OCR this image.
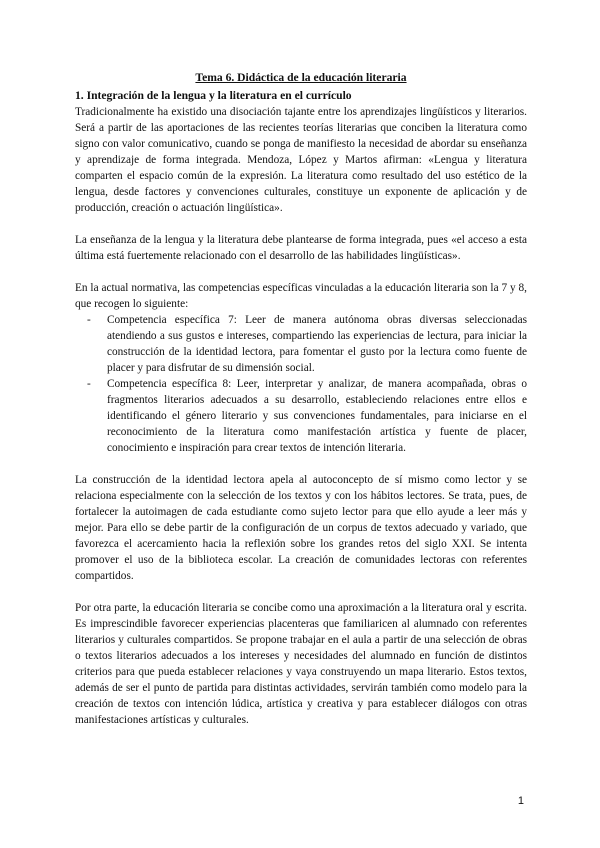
Tema 6. Didáctica de la educación literaria
1. Integración de la lengua y la literatura en el currículo

Tradicionalmente ha existido una disociación tajante entre los aprendizajes lingüísticos y literarios. Será a partir de las aportaciones de las recientes teorías literarias que conciben la literatura como signo con valor comunicativo, cuando se ponga de manifiesto la necesidad de abordar su enseñanza y aprendizaje de forma integrada. Mendoza, López y Martos afirman: «Lengua y literatura comparten el espacio común de la expresión. La literatura como resultado del uso estético de la lengua, desde factores y convenciones culturales, constituye un exponente de aplicación y de producción, creación o actuación lingüística».

La enseñanza de la lengua y la literatura debe plantearse de forma integrada, pues «el acceso a esta última está fuertemente relacionado con el desarrollo de las habilidades lingüísticas».

En la actual normativa, las competencias específicas vinculadas a la educación literaria son la 7 y 8, que recogen lo siguiente:

- Competencia específica 7: Leer de manera autónoma obras diversas seleccionadas atendiendo a sus gustos e intereses, compartiendo las experiencias de lectura, para iniciar la construcción de la identidad lectora, para fomentar el gusto por la lectura como fuente de placer y para disfrutar de su dimensión social.
- Competencia específica 8: Leer, interpretar y analizar, de manera acompañada, obras o fragmentos literarios adecuados a su desarrollo, estableciendo relaciones entre ellos e identificando el género literario y sus convenciones fundamentales, para iniciarse en el reconocimiento de la literatura como manifestación artística y fuente de placer, conocimiento e inspiración para crear textos de intención literaria.

La construcción de la identidad lectora apela al autoconcepto de sí mismo como lector y se relaciona especialmente con la selección de los textos y con los hábitos lectores. Se trata, pues, de fortalecer la autoimagen de cada estudiante como sujeto lector para que ello ayude a leer más y mejor. Para ello se debe partir de la configuración de un corpus de textos adecuado y variado, que favorezca el acercamiento hacia la reflexión sobre los grandes retos del siglo XXI. Se intenta promover el uso de la biblioteca escolar. La creación de comunidades lectoras con referentes compartidos.

Por otra parte, la educación literaria se concibe como una aproximación a la literatura oral y escrita. Es imprescindible favorecer experiencias placenteras que familiaricen al alumnado con referentes literarios y culturales compartidos. Se propone trabajar en el aula a partir de una selección de obras o textos literarios adecuados a los intereses y necesidades del alumnado en función de distintos criterios para que pueda establecer relaciones y vaya construyendo un mapa literario. Estos textos, además de ser el punto de partida para distintas actividades, servirán también como modelo para la creación de textos con intención lúdica, artística y creativa y para establecer diálogos con otras manifestaciones artísticas y culturales.

1
